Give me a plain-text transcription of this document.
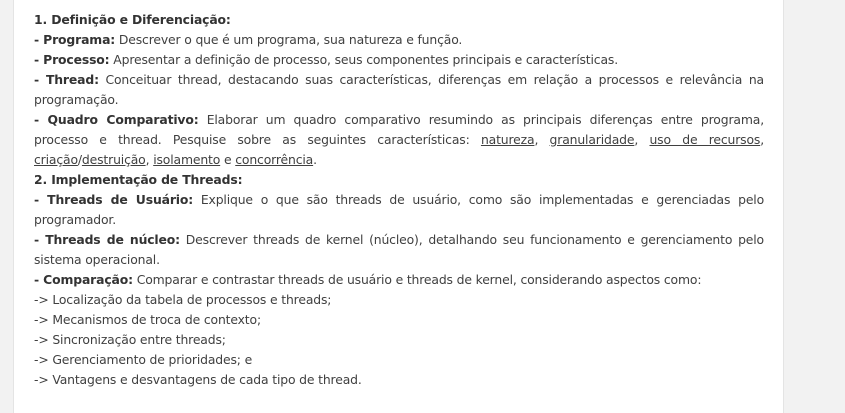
1. Definição e Diferenciação:
- Programa: Descrever o que é um programa, sua natureza e função.
- Processo: Apresentar a definição de processo, seus componentes principais e características.
- Thread: Conceituar thread, destacando suas características, diferenças em relação a processos e relevância na programação.
- Quadro Comparativo: Elaborar um quadro comparativo resumindo as principais diferenças entre programa, processo e thread. Pesquise sobre as seguintes características: natureza, granularidade, uso de recursos, criação/destruição, isolamento e concorrência.
2. Implementação de Threads:
- Threads de Usuário: Explique o que são threads de usuário, como são implementadas e gerenciadas pelo programador.
- Threads de núcleo: Descrever threads de kernel (núcleo), detalhando seu funcionamento e gerenciamento pelo sistema operacional.
- Comparação: Comparar e contrastar threads de usuário e threads de kernel, considerando aspectos como:
-> Localização da tabela de processos e threads;
-> Mecanismos de troca de contexto;
-> Sincronização entre threads;
-> Gerenciamento de prioridades; e
-> Vantagens e desvantagens de cada tipo de thread.
